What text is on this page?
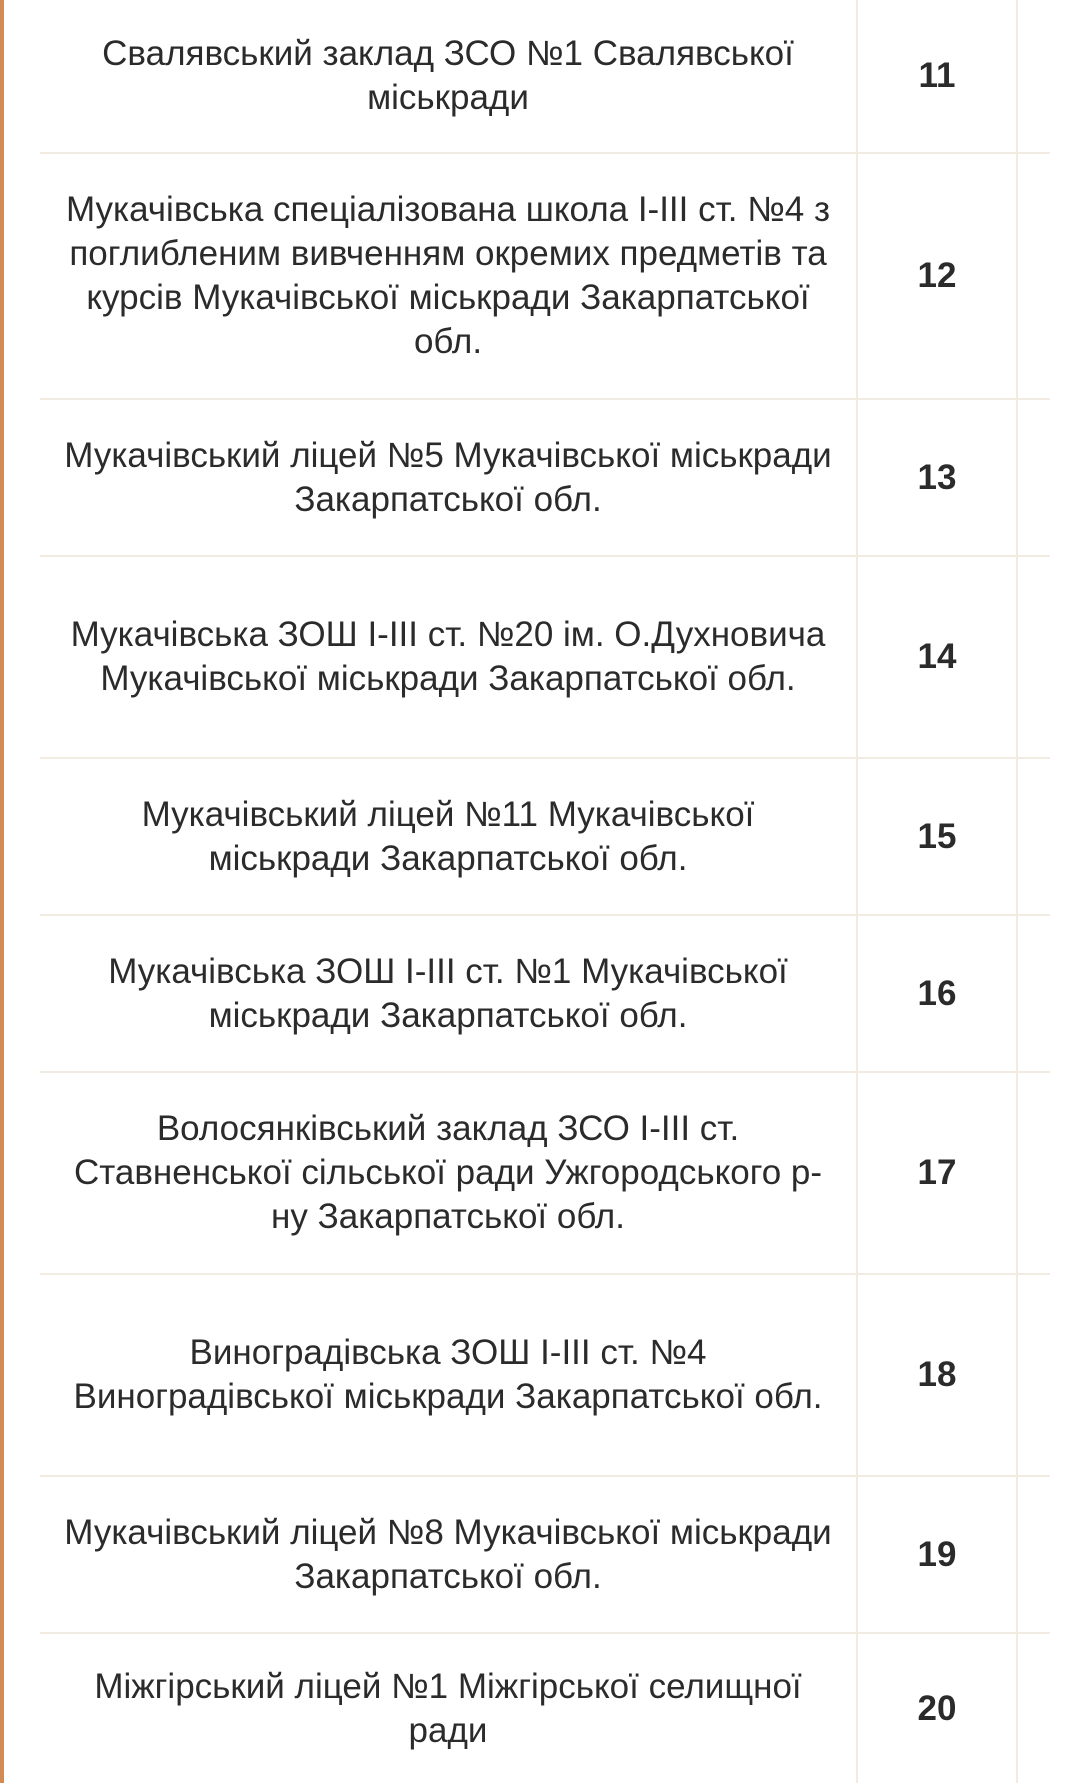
Свалявський заклад ЗСО №1 Свалявської міськради
11
Мукачівська спеціалізована школа І-ІІІ ст. №4 з поглибленим вивченням окремих предметів та курсів Мукачівської міськради Закарпатської обл.
12
Мукачівський ліцей №5 Мукачівської міськради Закарпатської обл.
13
Мукачівська ЗОШ І-ІІІ ст. №20 ім. О.Духновича Мукачівської міськради Закарпатської обл.
14
Мукачівський ліцей №11 Мукачівської міськради Закарпатської обл.
15
Мукачівська ЗОШ І-ІІІ ст. №1 Мукачівської міськради Закарпатської обл.
16
Волосянківський заклад ЗСО І-ІІІ ст. Ставненської сільської ради Ужгородського р-ну Закарпатської обл.
17
Виноградівська ЗОШ І-ІІІ ст. №4 Виноградівської міськради Закарпатської обл.
18
Мукачівський ліцей №8 Мукачівської міськради Закарпатської обл.
19
Міжгірський ліцей №1 Міжгірської селищної ради
20
